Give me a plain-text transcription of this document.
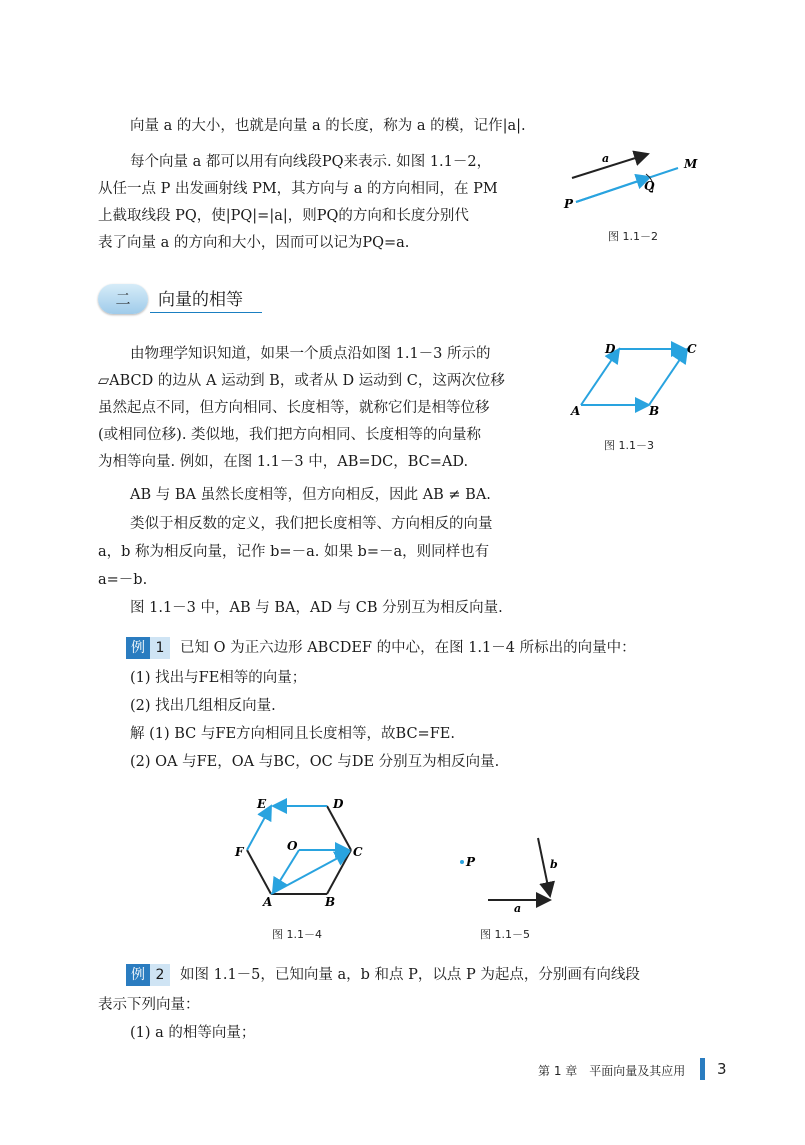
向量 a 的大小，也就是向量 a 的长度，称为 a 的模，记作|a|.
每个向量 a 都可以用有向线段PQ来表示. 如图 1.1－2，
从任一点 P 出发画射线 PM，其方向与 a 的方向相同，在 PM
上截取线段 PQ，使|PQ|=|a|，则PQ的方向和长度分别代
表了向量 a 的方向和大小，因而可以记为PQ=a.
a	M
Q
P
图 1.1－2
二	向量的相等
由物理学知识知道，如果一个质点沿如图 1.1－3 所示的
▱ABCD 的边从 A 运动到 B，或者从 D 运动到 C，这两次位移
虽然起点不同，但方向相同、长度相等，就称它们是相等位移
(或相同位移). 类似地，我们把方向相同、长度相等的向量称
为相等向量. 例如，在图 1.1－3 中，AB=DC，BC=AD.
A	B
C
D
图 1.1－3
AB 与 BA 虽然长度相等，但方向相反，因此 AB ≠ BA.
类似于相反数的定义，我们把长度相等、方向相反的向量
a，b 称为相反向量，记作 b=－a. 如果 b=－a，则同样也有
a=－b.
图 1.1－3 中，AB 与 BA，AD 与 CB 分别互为相反向量.
例 1	已知 O 为正六边形 ABCDEF 的中心，在图 1.1－4 所标出的向量中：
(1) 找出与FE相等的向量；
(2) 找出几组相反向量.
解 (1) BC 与FE方向相同且长度相等，故BC=FE.
(2) OA 与FE，OA 与BC，OC 与DE 分别互为相反向量.
A	B
C
D
E
F	O
图 1.1－4
P	b
a
图 1.1－5
例 2	如图 1.1－5，已知向量 a，b 和点 P，以点 P 为起点，分别画有向线段
表示下列向量：
(1) a 的相等向量；
第 1 章　平面向量及其应用 3
